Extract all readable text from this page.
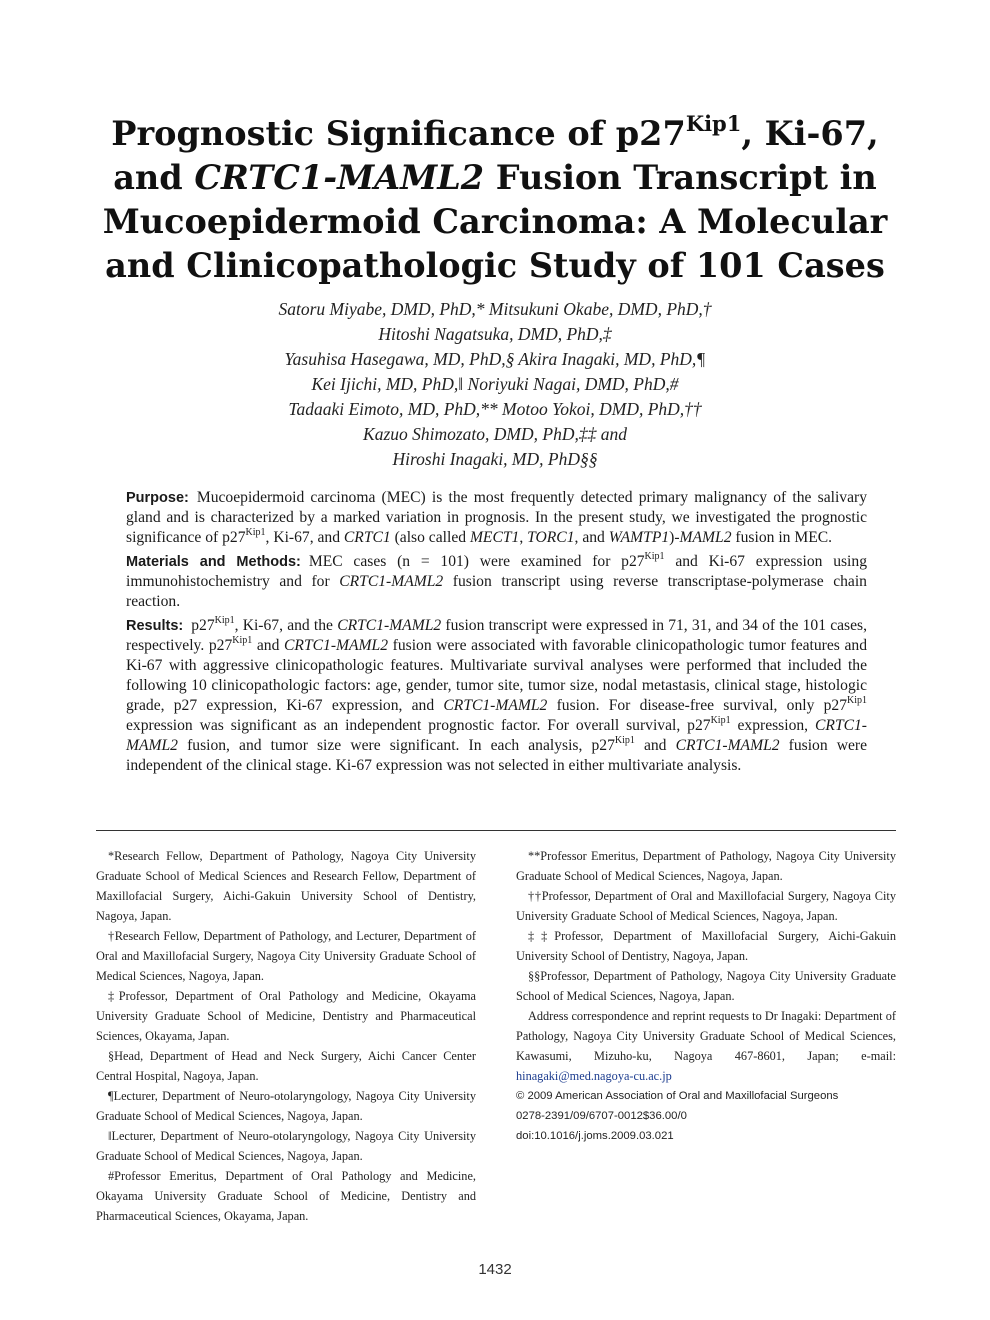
Prognostic Significance of $p27^{Kip1}$, Ki-67,
and CRTC1-MAML2 Fusion Transcript in
Mucoepidermoid Carcinoma: A Molecular
and Clinicopathologic Study of 101 Cases
Satoru Miyabe, DMD, PhD,* Mitsukuni Okabe, DMD, PhD,†
Hitoshi Nagatsuka, DMD, PhD,‡
Yasuhisa Hasegawa, MD, PhD,§ Akira Inagaki, MD, PhD,¶
Kei Ijichi, MD, PhD,‖ Noriyuki Nagai, DMD, PhD,#
Tadaaki Eimoto, MD, PhD,** Motoo Yokoi, DMD, PhD,††
Kazuo Shimozato, DMD, PhD,‡‡ and
Hiroshi Inagaki, MD, PhD§§

Purpose: Mucoepidermoid carcinoma (MEC) is the most frequently detected primary malignancy of the salivary gland and is characterized by a marked variation in prognosis. In the present study, we investigated the prognostic significance of $p27^{Kip1}$, Ki-67, and CRTC1 (also called MECT1, TORC1, and WAMTP1)-MAML2 fusion in MEC.

Materials and Methods: MEC cases (n = 101) were examined for $p27^{Kip1}$ and Ki-67 expression using immunohistochemistry and for CRTC1-MAML2 fusion transcript using reverse transcriptase-polymerase chain reaction.

Results: $p27^{Kip1}$, Ki-67, and the CRTC1-MAML2 fusion transcript were expressed in 71, 31, and 34 of the 101 cases, respectively. $p27^{Kip1}$ and CRTC1-MAML2 fusion were associated with favorable clinicopathologic tumor features and Ki-67 with aggressive clinicopathologic features. Multivariate survival analyses were performed that included the following 10 clinicopathologic factors: age, gender, tumor site, tumor size, nodal metastasis, clinical stage, histologic grade, p27 expression, Ki-67 expression, and CRTC1-MAML2 fusion. For disease-free survival, only $p27^{Kip1}$ expression was significant as an independent prognostic factor. For overall survival, $p27^{Kip1}$ expression, CRTC1-MAML2 fusion, and tumor size were significant. In each analysis, $p27^{Kip1}$ and CRTC1-MAML2 fusion were independent of the clinical stage. Ki-67 expression was not selected in either multivariate analysis.

*Research Fellow, Department of Pathology, Nagoya City University Graduate School of Medical Sciences and Research Fellow, Department of Maxillofacial Surgery, Aichi-Gakuin University School of Dentistry, Nagoya, Japan.

†Research Fellow, Department of Pathology, and Lecturer, Department of Oral and Maxillofacial Surgery, Nagoya City University Graduate School of Medical Sciences, Nagoya, Japan.

‡Professor, Department of Oral Pathology and Medicine, Okayama University Graduate School of Medicine, Dentistry and Pharmaceutical Sciences, Okayama, Japan.

§Head, Department of Head and Neck Surgery, Aichi Cancer Center Central Hospital, Nagoya, Japan.

¶Lecturer, Department of Neuro-otolaryngology, Nagoya City University Graduate School of Medical Sciences, Nagoya, Japan.

‖Lecturer, Department of Neuro-otolaryngology, Nagoya City University Graduate School of Medical Sciences, Nagoya, Japan.

#Professor Emeritus, Department of Oral Pathology and Medicine, Okayama University Graduate School of Medicine, Dentistry and Pharmaceutical Sciences, Okayama, Japan.

**Professor Emeritus, Department of Pathology, Nagoya City University Graduate School of Medical Sciences, Nagoya, Japan.

††Professor, Department of Oral and Maxillofacial Surgery, Nagoya City University Graduate School of Medical Sciences, Nagoya, Japan.

‡‡Professor, Department of Maxillofacial Surgery, Aichi-Gakuin University School of Dentistry, Nagoya, Japan.

§§Professor, Department of Pathology, Nagoya City University Graduate School of Medical Sciences, Nagoya, Japan.

Address correspondence and reprint requests to Dr Inagaki: Department of Pathology, Nagoya City University Graduate School of Medical Sciences, Kawasumi, Mizuho-ku, Nagoya 467-8601, Japan; e-mail: hinagaki@med.nagoya-cu.ac.jp

© 2009 American Association of Oral and Maxillofacial Surgeons

0278-2391/09/6707-0012$36.00/0

doi:10.1016/j.joms.2009.03.021

1432
